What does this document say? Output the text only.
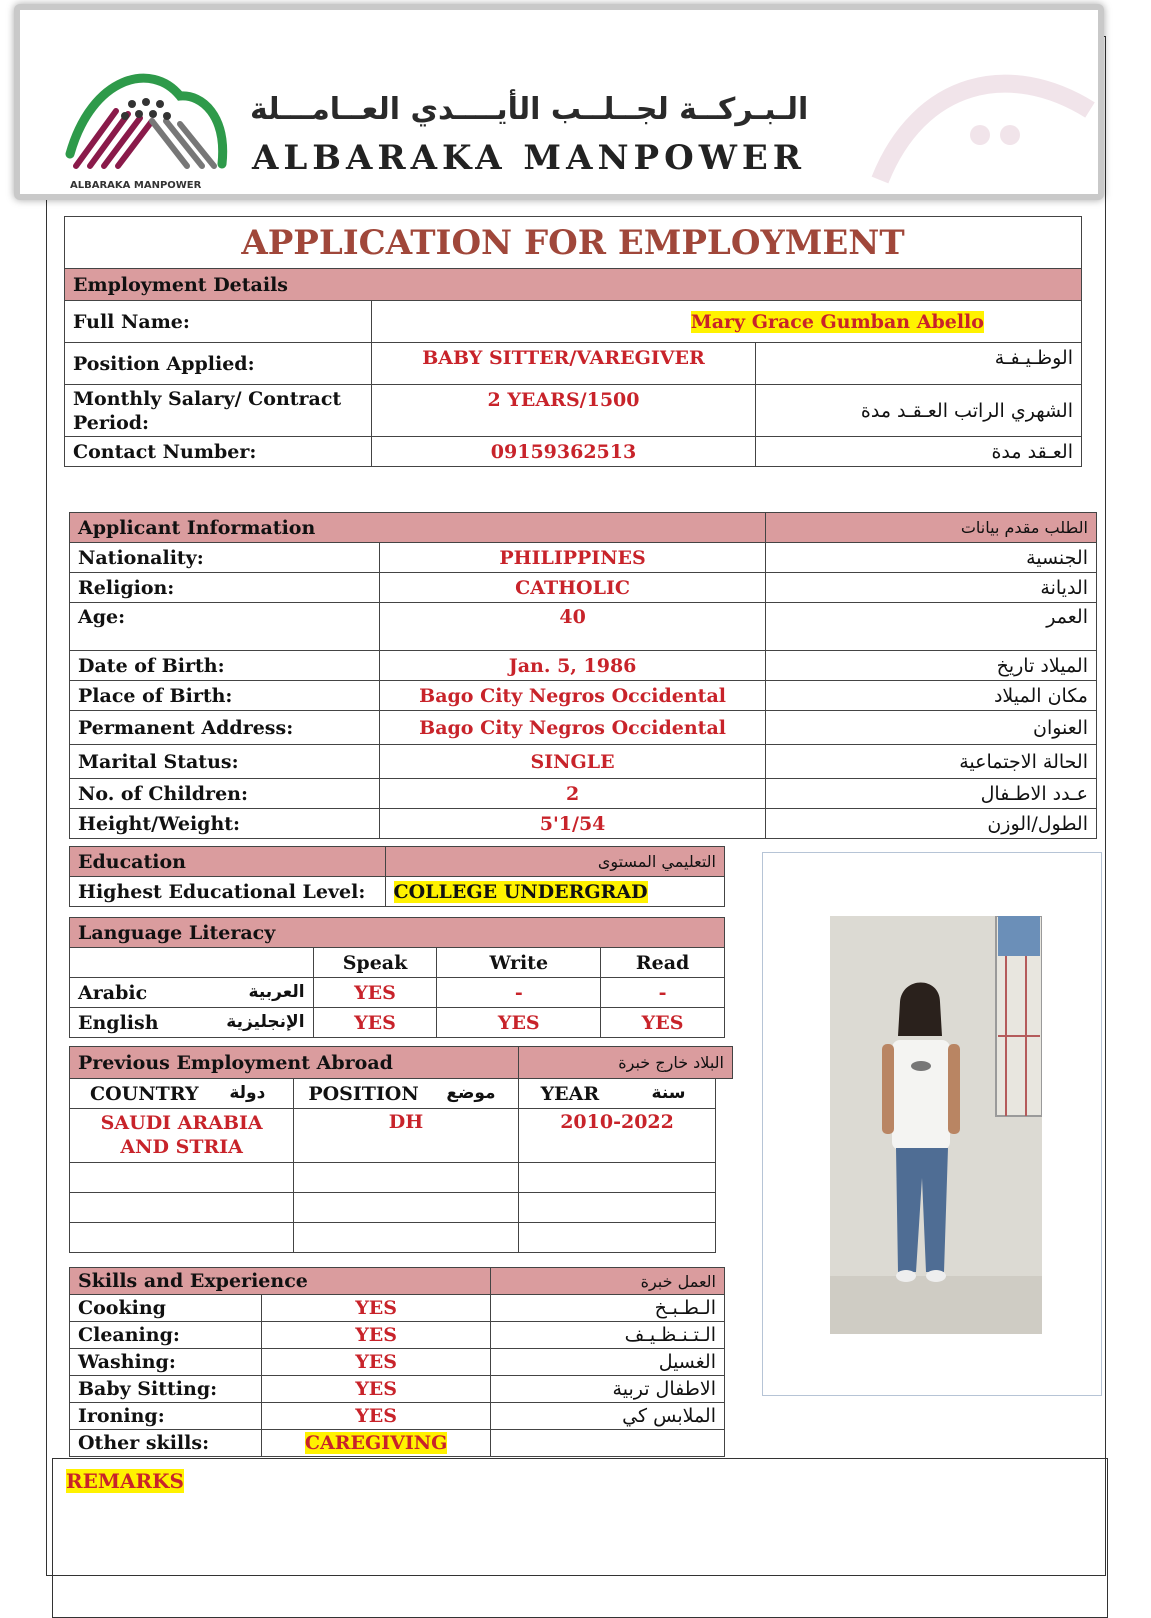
ALBARAKA MANPOWER
الـبـركــة لجــلــب الأيــــدي العــامـــلة
ALBARAKA MANPOWER
APPLICATION FOR EMPLOYMENT
Employment Details		
Full Name:	Mary Grace Gumban Abello	
Position Applied:	BABY SITTER/VAREGIVER	الوظـيـفـة
Monthly Salary/ Contract Period:	2 YEARS/1500	الشهري الراتب العـقـد مدة
Contact Number:	09159362513	العـقد مدة
Applicant Information		الطلب مقدم بيانات
Nationality:	PHILIPPINES	الجنسية
Religion:	CATHOLIC	الديانة
Age:	40	العمر
Date of Birth:	Jan. 5, 1986	الميلاد تاريخ
Place of Birth:	Bago City Negros Occidental	مكان الميلاد
Permanent Address:	Bago City Negros Occidental	العنوان
Marital Status:	SINGLE	الحالة الاجتماعية
No. of Children:	2	عـدد الاطـفال
Height/Weight:	5'1/54	الطول/الوزن
Education	التعليمي المستوى
Highest Educational Level:	COLLEGE UNDERGRAD
Language Literacy			
	Speak	Write	Read
Arabic العربية	YES	-	-
English الإنجليزية	YES	YES	YES
Previous Employment Abroad		البلاد خارج خبرة	
COUNTRY دولة	POSITION موضع	YEAR سنة	

SAUDI ARABIA AND STRIA	DH	2010-2022	

Skills and Experience		العمل خبرة
Cooking	YES	الـطـبـخ
Cleaning:	YES	الـتـنـظـيـف
Washing:	YES	الغسيل
Baby Sitting:	YES	الاطفال تربية
Ironing:	YES	الملابس كي
Other skills:	CAREGIVING	
REMARKS
